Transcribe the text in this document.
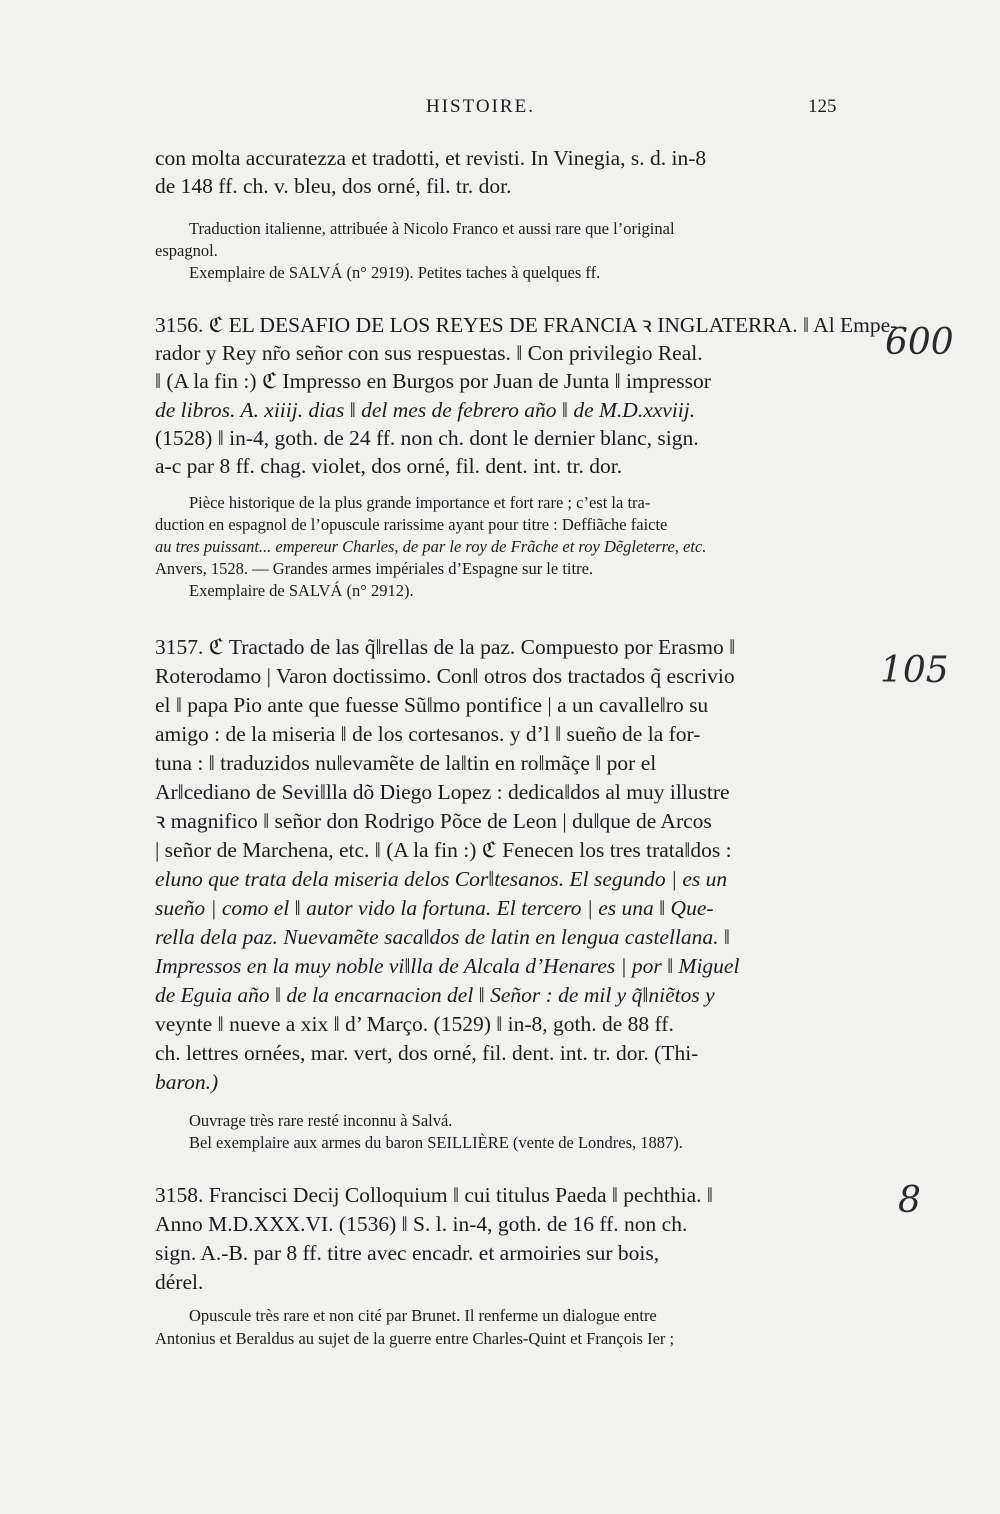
HISTOIRE.	125
con molta accuratezza et tradotti, et revisti. In Vinegia, s. d. in-8
de 148 ff. ch. v. bleu, dos orné, fil. tr. dor.
Traduction italienne, attribuée à Nicolo Franco et aussi rare que l’original
espagnol.
Exemplaire de SALVÁ (n° 2919). Petites taches à quelques ff.
3156. ℭ EL DESAFIO DE LOS REYES DE FRANCIA ꝛ INGLATERRA. ‖ Al Empe-
rador y Rey nr̃o señor con sus respuestas. ‖ Con privilegio Real.
‖ (A la fin :) ℭ Impresso en Burgos por Juan de Junta ‖ impressor
de libros. A. xiiij. dias ‖ del mes de febrero año ‖ de M.D.xxviij.
(1528) ‖ in-4, goth. de 24 ff. non ch. dont le dernier blanc, sign.
a-c par 8 ff. chag. violet, dos orné, fil. dent. int. tr. dor.
Pièce historique de la plus grande importance et fort rare ; c’est la tra-
duction en espagnol de l’opuscule rarissime ayant pour titre : Deffiãche faicte
au tres puissant... empereur Charles, de par le roy de Frãche et roy Dẽgleterre, etc.
Anvers, 1528. — Grandes armes impériales d’Espagne sur le titre.
Exemplaire de SALVÁ (n° 2912).
3157. ℭ Tractado de las q̃‖rellas de la paz. Compuesto por Erasmo ‖
Roterodamo | Varon doctissimo. Con‖ otros dos tractados q̃ escrivio
el ‖ papa Pio ante que fuesse Sũ‖mo pontifice | a un cavalle‖ro su
amigo : de la miseria ‖ de los cortesanos. y d’l ‖ sueño de la for-
tuna : ‖ traduzidos nu‖evamẽte de la‖tin en ro‖mãçe ‖ por el
Ar‖cediano de Sevi‖lla dõ Diego Lopez : dedica‖dos al muy illustre
ꝛ magnifico ‖ señor don Rodrigo Põce de Leon | du‖que de Arcos
| señor de Marchena, etc. ‖ (A la fin :) ℭ Fenecen los tres trata‖dos :
eluno que trata dela miseria delos Cor‖tesanos. El segundo | es un
sueño | como el ‖ autor vido la fortuna. El tercero | es una ‖ Que-
rella dela paz. Nuevamẽte saca‖dos de latin en lengua castellana. ‖
Impressos en la muy noble vi‖lla de Alcala d’Henares | por ‖ Miguel
de Eguia año ‖ de la encarnacion del ‖ Señor : de mil y q̃‖niẽtos y
veynte ‖ nueve a xix ‖ d’ Março. (1529) ‖ in-8, goth. de 88 ff.
ch. lettres ornées, mar. vert, dos orné, fil. dent. int. tr. dor. (Thi-
baron.)
Ouvrage très rare resté inconnu à Salvá.
Bel exemplaire aux armes du baron SEILLIÈRE (vente de Londres, 1887).
3158. Francisci Decij Colloquium ‖ cui titulus Paeda ‖ pechthia. ‖
Anno M.D.XXX.VI. (1536) ‖ S. l. in-4, goth. de 16 ff. non ch.
sign. A.-B. par 8 ff. titre avec encadr. et armoiries sur bois,
dérel.
Opuscule très rare et non cité par Brunet. Il renferme un dialogue entre
Antonius et Beraldus au sujet de la guerre entre Charles-Quint et François Ier ;
600
105
8
